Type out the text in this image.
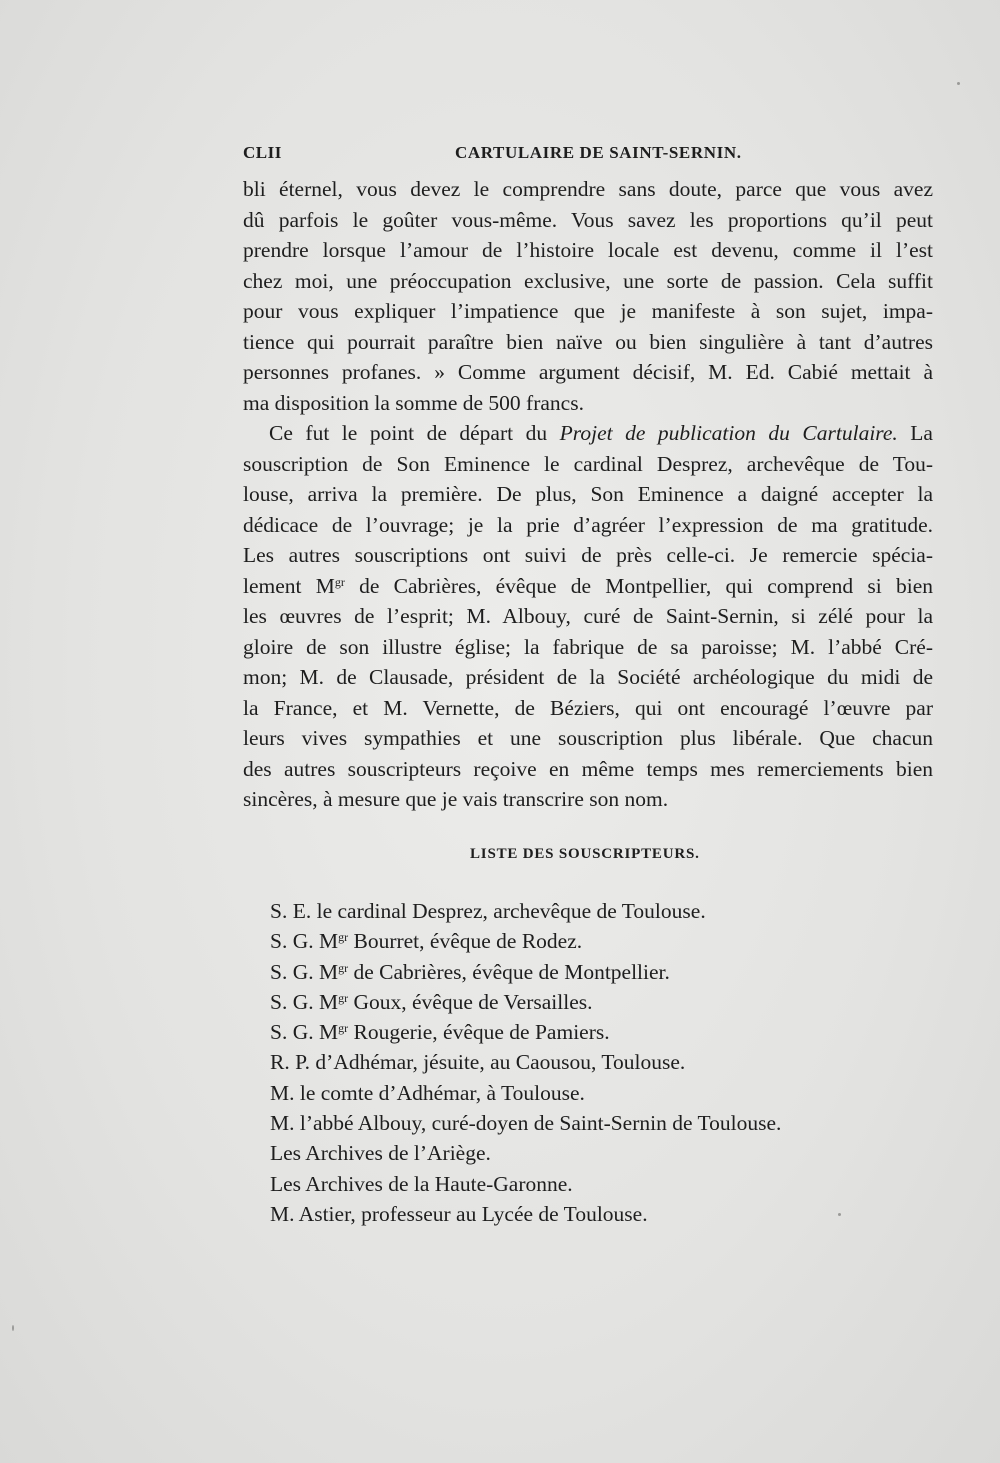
CLII	CARTULAIRE DE SAINT-SERNIN.
bli éternel, vous devez le comprendre sans doute, parce que vous avez
dû parfois le goûter vous-même. Vous savez les proportions qu’il peut
prendre lorsque l’amour de l’histoire locale est devenu, comme il l’est
chez moi, une préoccupation exclusive, une sorte de passion. Cela suffit
pour vous expliquer l’impatience que je manifeste à son sujet, impa-
tience qui pourrait paraître bien naïve ou bien singulière à tant d’autres
personnes profanes. » Comme argument décisif, M. Ed. Cabié mettait à
ma disposition la somme de 500 francs.
Ce fut le point de départ du Projet de publication du Cartulaire. La
souscription de Son Eminence le cardinal Desprez, archevêque de Tou-
louse, arriva la première. De plus, Son Eminence a daigné accepter la
dédicace de l’ouvrage; je la prie d’agréer l’expression de ma gratitude.
Les autres souscriptions ont suivi de près celle-ci. Je remercie spécia-
lement $M^{gr}$ de Cabrières, évêque de Montpellier, qui comprend si bien
les œuvres de l’esprit; M. Albouy, curé de Saint-Sernin, si zélé pour la
gloire de son illustre église; la fabrique de sa paroisse; M. l’abbé Cré-
mon; M. de Clausade, président de la Société archéologique du midi de
la France, et M. Vernette, de Béziers, qui ont encouragé l’œuvre par
leurs vives sympathies et une souscription plus libérale. Que chacun
des autres souscripteurs reçoive en même temps mes remerciements bien
sincères, à mesure que je vais transcrire son nom.
LISTE DES SOUSCRIPTEURS.
S. E. le cardinal Desprez, archevêque de Toulouse.
S. G. $M^{gr}$ Bourret, évêque de Rodez.
S. G. $M^{gr}$ de Cabrières, évêque de Montpellier.
S. G. $M^{gr}$ Goux, évêque de Versailles.
S. G. $M^{gr}$ Rougerie, évêque de Pamiers.
R. P. d’Adhémar, jésuite, au Caousou, Toulouse.
M. le comte d’Adhémar, à Toulouse.
M. l’abbé Albouy, curé-doyen de Saint-Sernin de Toulouse.
Les Archives de l’Ariège.
Les Archives de la Haute-Garonne.
M. Astier, professeur au Lycée de Toulouse.
